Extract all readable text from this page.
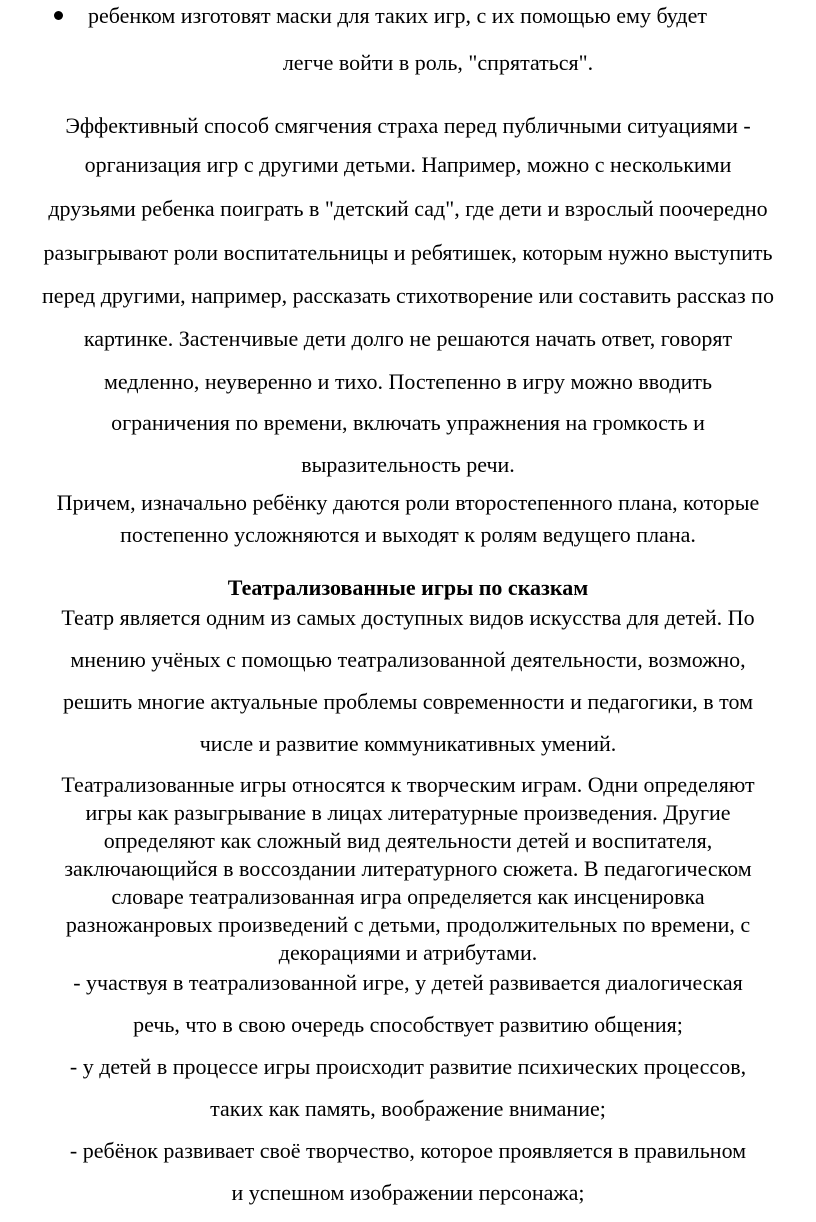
ребенком изготовят маски для таких игр, с их помощью ему будет
легче войти в роль, "спрятаться".
Эффективный способ смягчения страха перед публичными ситуациями -
организация игр с другими детьми. Например, можно с несколькими
друзьями ребенка поиграть в "детский сад", где дети и взрослый поочередно
разыгрывают роли воспитательницы и ребятишек, которым нужно выступить
перед другими, например, рассказать стихотворение или составить рассказ по
картинке. Застенчивые дети долго не решаются начать ответ, говорят
медленно, неуверенно и тихо. Постепенно в игру можно вводить
ограничения по времени, включать упражнения на громкость и
выразительность речи.
Причем, изначально ребёнку даются роли второстепенного плана, которые
постепенно усложняются и выходят к ролям ведущего плана.
Театрализованные игры по сказкам
Театр является одним из самых доступных видов искусства для детей. По
мнению учёных с помощью театрализованной деятельности, возможно,
решить многие актуальные проблемы современности и педагогики, в том
числе и развитие коммуникативных умений.
Театрализованные игры относятся к творческим играм. Одни определяют
игры как разыгрывание в лицах литературные произведения. Другие
определяют как сложный вид деятельности детей и воспитателя,
заключающийся в воссоздании литературного сюжета. В педагогическом
словаре театрализованная игра определяется как инсценировка
разножанровых произведений с детьми, продолжительных по времени, с
декорациями и атрибутами.
- участвуя в театрализованной игре, у детей развивается диалогическая
речь, что в свою очередь способствует развитию общения;
- у детей в процессе игры происходит развитие психических процессов,
таких как память, воображение внимание;
- ребёнок развивает своё творчество, которое проявляется в правильном
и успешном изображении персонажа;
